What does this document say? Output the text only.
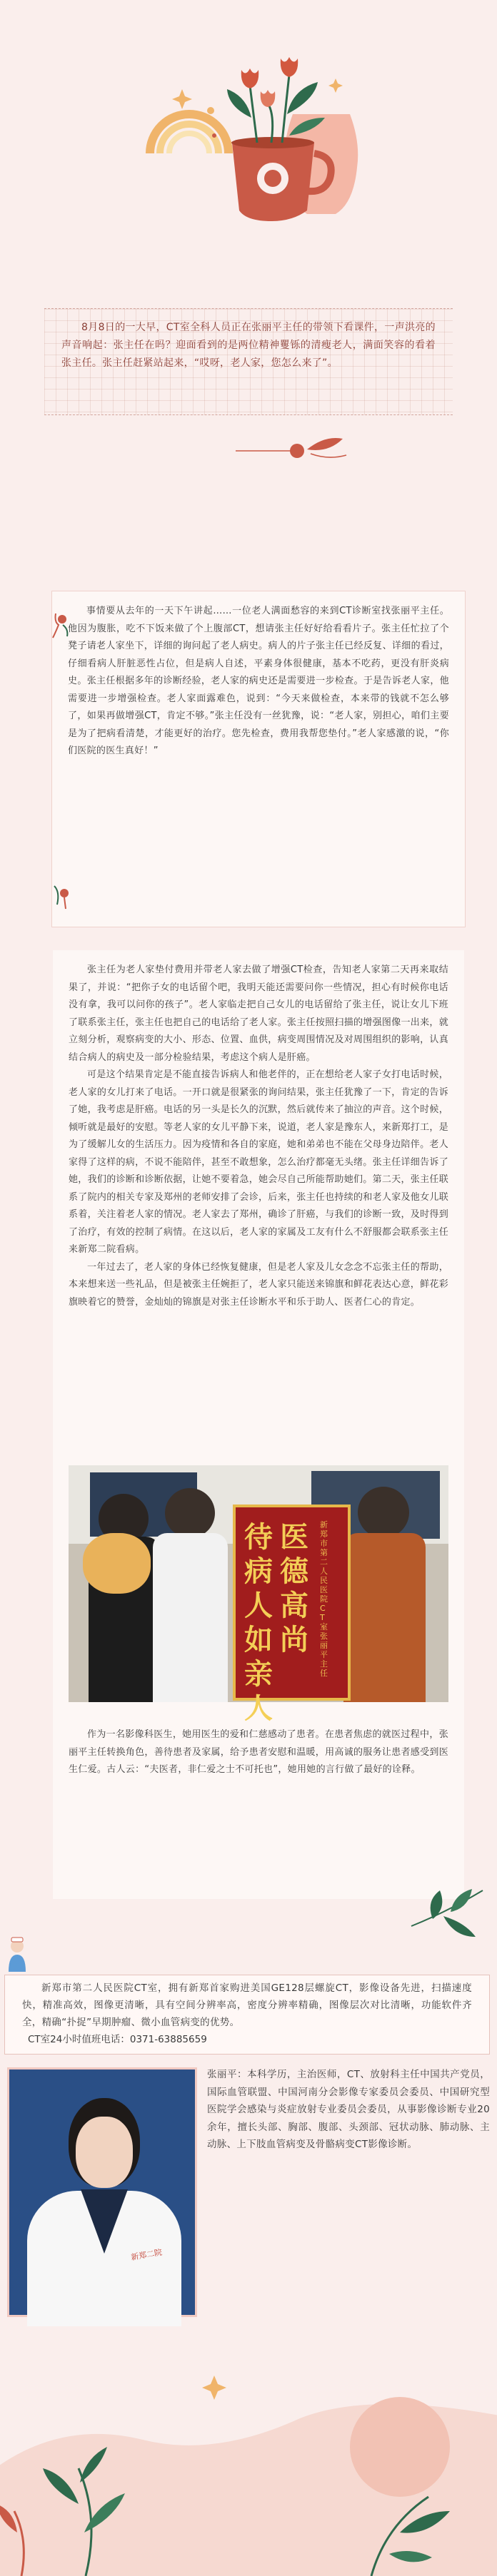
8月8日的一大早，CT室全科人员正在张丽平主任的带领下看课件，一声洪亮的声音响起：张主任在吗？迎面看到的是两位精神矍铄的清瘦老人，满面笑容的看着张主任。张主任赶紧站起来，“哎呀，老人家，您怎么来了”。

事情要从去年的一天下午讲起……一位老人满面愁容的来到CT诊断室找张丽平主任。他因为腹胀，吃不下饭来做了个上腹部CT，想请张主任好好给看看片子。张主任忙拉了个凳子请老人家坐下，详细的询问起了老人病史。病人的片子张主任已经反复、详细的看过，仔细看病人肝脏恶性占位，但是病人自述，平素身体很健康，基本不吃药，更没有肝炎病史。张主任根据多年的诊断经验，老人家的病史还是需要进一步检查。于是告诉老人家，他需要进一步增强检查。老人家面露难色，说到：“今天来做检查，本来带的钱就不怎么够了，如果再做增强CT，肯定不够。”张主任没有一丝犹豫，说：“老人家，别担心，咱们主要是为了把病看清楚，才能更好的治疗。您先检查，费用我帮您垫付。”老人家感激的说，“你们医院的医生真好！”

张主任为老人家垫付费用并带老人家去做了增强CT检查，告知老人家第二天再来取结果了，并说：“把你子女的电话留个吧，我明天能还需要问你一些情况，担心有时候你电话没有拿，我可以问你的孩子”。老人家临走把自己女儿的电话留给了张主任，说让女儿下班了联系张主任，张主任也把自己的电话给了老人家。张主任按照扫描的增强图像一出来，就立刻分析，观察病变的大小、形态、位置、血供，病变周围情况及对周围组织的影响，认真结合病人的病史及一部分检验结果，考虑这个病人是肝癌。

可是这个结果肯定是不能直接告诉病人和他老伴的，正在想给老人家子女打电话时候，老人家的女儿打来了电话。一开口就是很紧张的询问结果，张主任犹豫了一下，肯定的告诉了她，我考虑是肝癌。电话的另一头是长久的沉默，然后就传来了抽泣的声音。这个时候，倾听就是最好的安慰。等老人家的女儿平静下来，说道，老人家是豫东人，来新郑打工，是为了缓解儿女的生活压力。因为疫情和各自的家庭，她和弟弟也不能在父母身边陪伴。老人家得了这样的病，不说不能陪伴，甚至不敢想象，怎么治疗都毫无头绪。张主任详细告诉了她，我们的诊断和诊断依据，让她不要着急，她会尽自己所能帮助她们。第二天，张主任联系了院内的相关专家及郑州的老师安排了会诊，后来，张主任也持续的和老人家及他女儿联系着，关注着老人家的情况。老人家去了郑州，确诊了肝癌，与我们的诊断一致，及时得到了治疗，有效的控制了病情。在这以后，老人家的家属及工友有什么不舒服都会联系张主任来新郑二院看病。

一年过去了，老人家的身体已经恢复健康，但是老人家及儿女念念不忘张主任的帮助，本来想来送一些礼品，但是被张主任婉拒了，老人家只能送来锦旗和鲜花表达心意，鲜花彩旗映着它的赞誉，金灿灿的锦旗是对张主任诊断水平和乐于助人、医者仁心的肯定。

待病人如亲人
医德高尚
新郑市第二人民医院CT室张丽平主任

作为一名影像科医生，她用医生的爱和仁慈感动了患者。在患者焦虑的就医过程中，张丽平主任转换角色，善待患者及家属，给予患者安慰和温暖，用高诚的服务让患者感受到医生仁爱。古人云：“夫医者，非仁爱之士不可托也”，她用她的言行做了最好的诠释。

新郑市第二人民医院CT室，拥有新郑首家购进美国GE128层螺旋CT，影像设备先进，扫描速度快，精准高效，图像更清晰，具有空间分辨率高，密度分辨率精确，图像层次对比清晰，功能软件齐全，精确“扑捉”早期肿瘤、微小血管病变的优势。

CT室24小时值班电话：0371-63885659

新郑二院

张丽平：本科学历，主治医师，CT、放射科主任中国共产党员，国际血管联盟、中国河南分会影像专家委员会委员、中国研究型医院学会感染与炎症放射专业委员会委员，从事影像诊断专业20余年，擅长头部、胸部、腹部、头颈部、冠状动脉、肺动脉、主动脉、上下肢血管病变及骨骼病变CT影像诊断。
